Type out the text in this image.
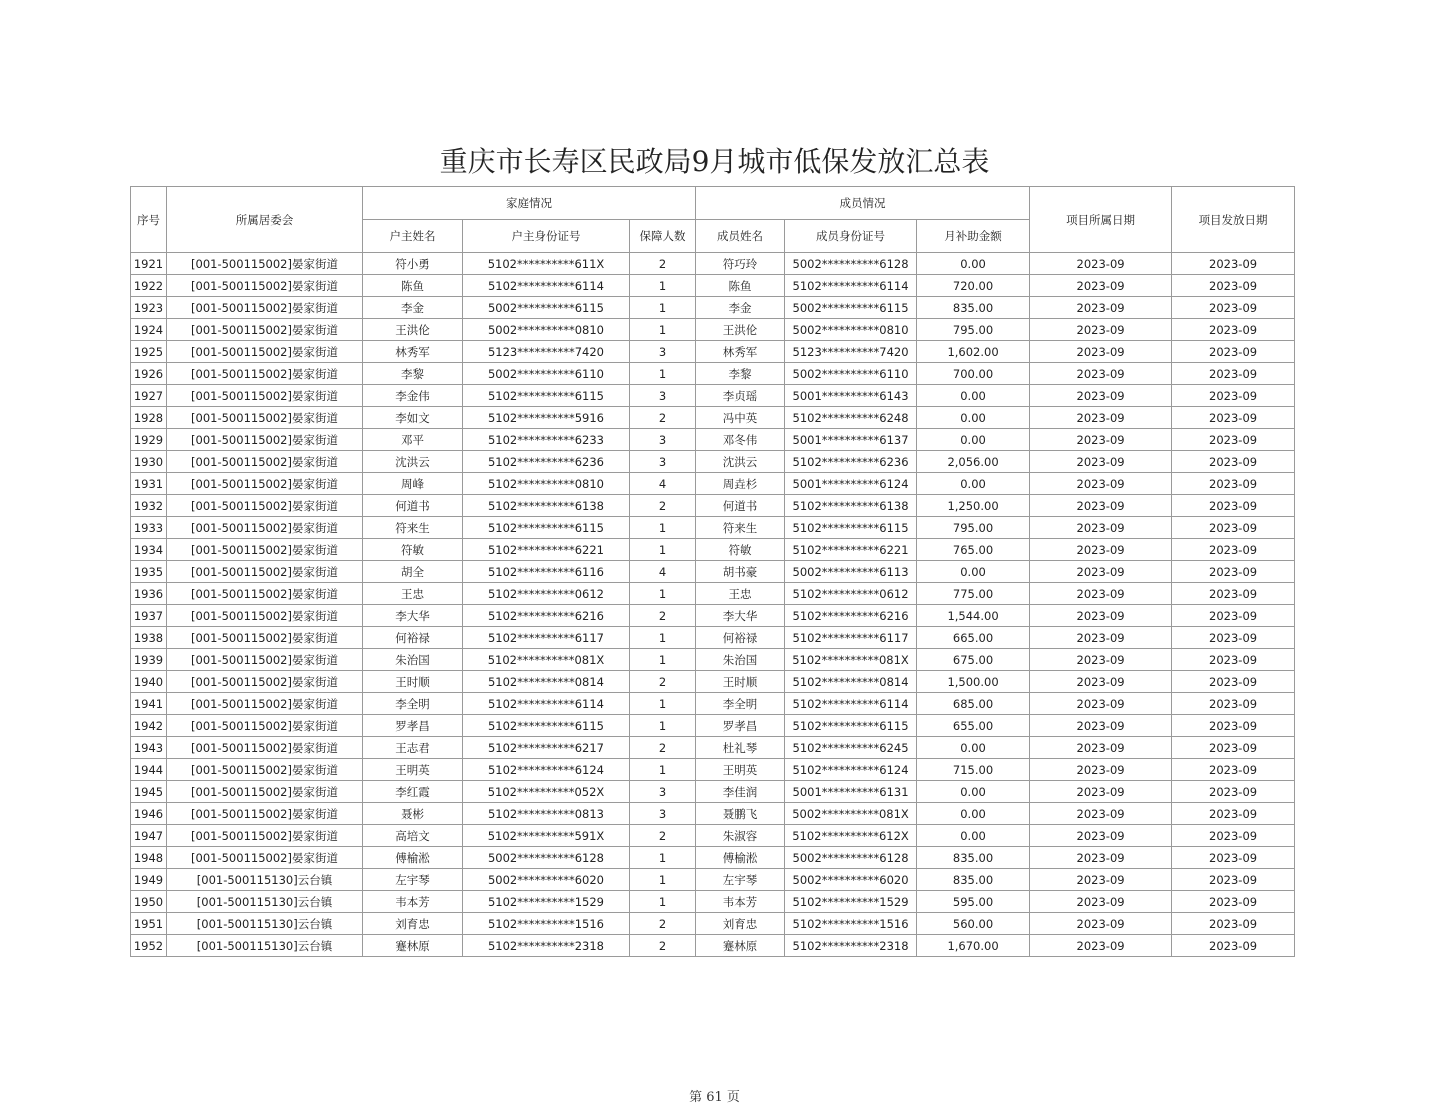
重庆市长寿区民政局9月城市低保发放汇总表
序号	所属居委会	家庭情况			成员情况			项目所属日期	项目发放日期
		户主姓名	户主身份证号	保障人数	成员姓名	成员身份证号	月补助金额		
1921	[001-500115002]晏家街道	符小勇	5102**********611X	2	符巧玲	5002**********6128	0.00	2023-09	2023-09
1922	[001-500115002]晏家街道	陈鱼	5102**********6114	1	陈鱼	5102**********6114	720.00	2023-09	2023-09
1923	[001-500115002]晏家街道	李金	5002**********6115	1	李金	5002**********6115	835.00	2023-09	2023-09
1924	[001-500115002]晏家街道	王洪伦	5002**********0810	1	王洪伦	5002**********0810	795.00	2023-09	2023-09
1925	[001-500115002]晏家街道	林秀军	5123**********7420	3	林秀军	5123**********7420	1,602.00	2023-09	2023-09
1926	[001-500115002]晏家街道	李黎	5002**********6110	1	李黎	5002**********6110	700.00	2023-09	2023-09
1927	[001-500115002]晏家街道	李金伟	5102**********6115	3	李贞瑶	5001**********6143	0.00	2023-09	2023-09
1928	[001-500115002]晏家街道	李如文	5102**********5916	2	冯中英	5102**********6248	0.00	2023-09	2023-09
1929	[001-500115002]晏家街道	邓平	5102**********6233	3	邓冬伟	5001**********6137	0.00	2023-09	2023-09
1930	[001-500115002]晏家街道	沈洪云	5102**********6236	3	沈洪云	5102**********6236	2,056.00	2023-09	2023-09
1931	[001-500115002]晏家街道	周峰	5102**********0810	4	周垚杉	5001**********6124	0.00	2023-09	2023-09
1932	[001-500115002]晏家街道	何道书	5102**********6138	2	何道书	5102**********6138	1,250.00	2023-09	2023-09
1933	[001-500115002]晏家街道	符来生	5102**********6115	1	符来生	5102**********6115	795.00	2023-09	2023-09
1934	[001-500115002]晏家街道	符敏	5102**********6221	1	符敏	5102**********6221	765.00	2023-09	2023-09
1935	[001-500115002]晏家街道	胡全	5102**********6116	4	胡书豪	5002**********6113	0.00	2023-09	2023-09
1936	[001-500115002]晏家街道	王忠	5102**********0612	1	王忠	5102**********0612	775.00	2023-09	2023-09
1937	[001-500115002]晏家街道	李大华	5102**********6216	2	李大华	5102**********6216	1,544.00	2023-09	2023-09
1938	[001-500115002]晏家街道	何裕禄	5102**********6117	1	何裕禄	5102**********6117	665.00	2023-09	2023-09
1939	[001-500115002]晏家街道	朱治国	5102**********081X	1	朱治国	5102**********081X	675.00	2023-09	2023-09
1940	[001-500115002]晏家街道	王时顺	5102**********0814	2	王时顺	5102**********0814	1,500.00	2023-09	2023-09
1941	[001-500115002]晏家街道	李全明	5102**********6114	1	李全明	5102**********6114	685.00	2023-09	2023-09
1942	[001-500115002]晏家街道	罗孝昌	5102**********6115	1	罗孝昌	5102**********6115	655.00	2023-09	2023-09
1943	[001-500115002]晏家街道	王志君	5102**********6217	2	杜礼琴	5102**********6245	0.00	2023-09	2023-09
1944	[001-500115002]晏家街道	王明英	5102**********6124	1	王明英	5102**********6124	715.00	2023-09	2023-09
1945	[001-500115002]晏家街道	李红霞	5102**********052X	3	李佳润	5001**********6131	0.00	2023-09	2023-09
1946	[001-500115002]晏家街道	聂彬	5102**********0813	3	聂鹏飞	5002**********081X	0.00	2023-09	2023-09
1947	[001-500115002]晏家街道	高培文	5102**********591X	2	朱淑容	5102**********612X	0.00	2023-09	2023-09
1948	[001-500115002]晏家街道	傅榆淞	5002**********6128	1	傅榆淞	5002**********6128	835.00	2023-09	2023-09
1949	[001-500115130]云台镇	左宇琴	5002**********6020	1	左宇琴	5002**********6020	835.00	2023-09	2023-09
1950	[001-500115130]云台镇	韦本芳	5102**********1529	1	韦本芳	5102**********1529	595.00	2023-09	2023-09
1951	[001-500115130]云台镇	刘育忠	5102**********1516	2	刘育忠	5102**********1516	560.00	2023-09	2023-09
1952	[001-500115130]云台镇	蹇林原	5102**********2318	2	蹇林原	5102**********2318	1,670.00	2023-09	2023-09
第 61 页
